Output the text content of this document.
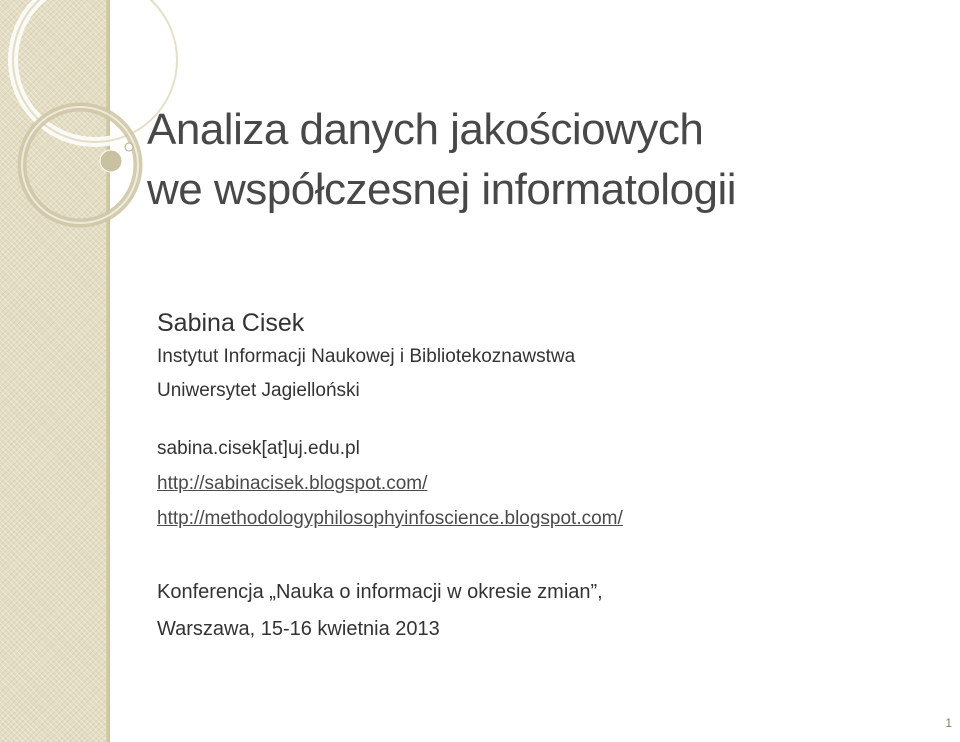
Analiza danych jakościowych
we współczesnej informatologii
Sabina Cisek
Instytut Informacji Naukowej i Bibliotekoznawstwa
Uniwersytet Jagielloński
sabina.cisek[at]uj.edu.pl
http://sabinacisek.blogspot.com/
http://methodologyphilosophyinfoscience.blogspot.com/
Konferencja „Nauka o informacji w okresie zmian”,
Warszawa, 15-16 kwietnia 2013
1
